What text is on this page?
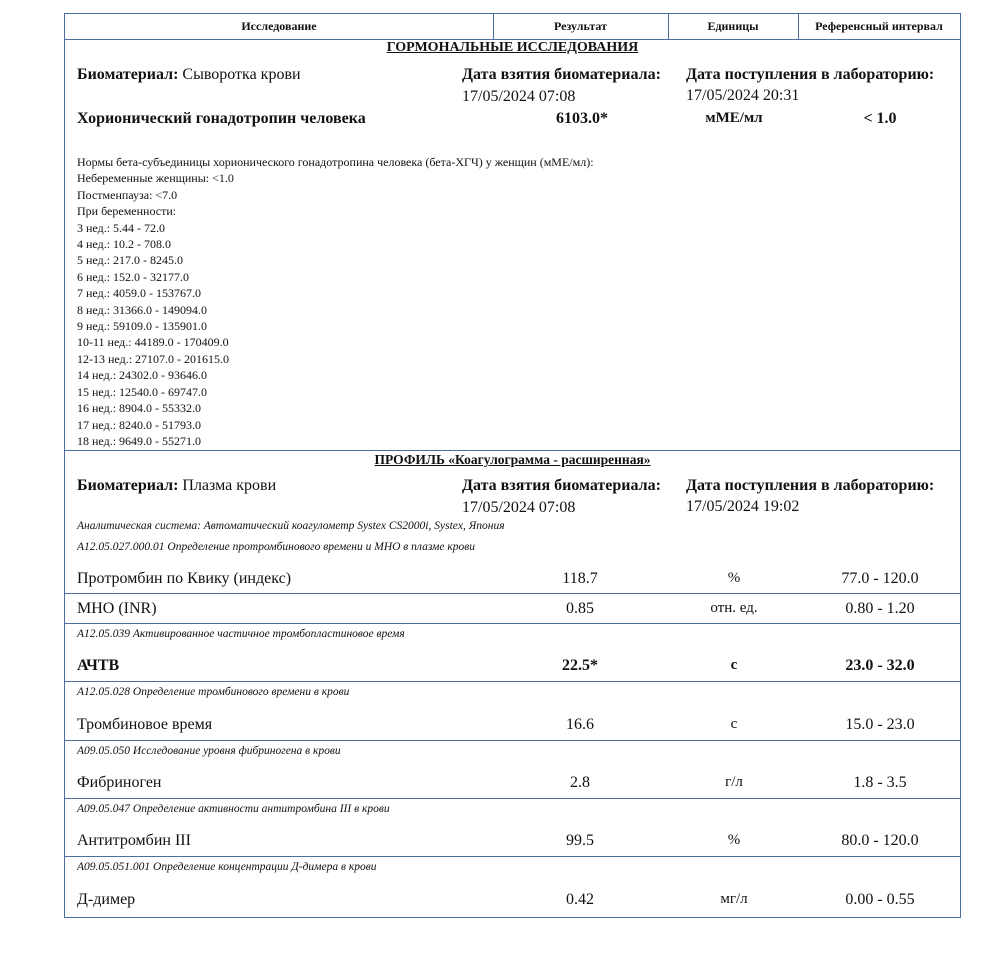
Исследование	Результат	Единицы	Референсный интервал
ГОРМОНАЛЬНЫЕ ИССЛЕДОВАНИЯ
Биоматериал: Сыворотка крови	Дата взятия биоматериала:
17/05/2024 07:08
Дата поступления в лабораторию:
17/05/2024 20:31
Хорионический гонадотропин человека	6103.0*	мМЕ/мл	< 1.0
Нормы бета-субъединицы хорионического гонадотропина человека (бета-ХГЧ) у женщин (мМЕ/мл):
Небеременные женщины: <1.0
Постменпауза: <7.0
При беременности:
3 нед.: 5.44 - 72.0
4 нед.: 10.2 - 708.0
5 нед.: 217.0 - 8245.0
6 нед.: 152.0 - 32177.0
7 нед.: 4059.0 - 153767.0
8 нед.: 31366.0 - 149094.0
9 нед.: 59109.0 - 135901.0
10-11 нед.: 44189.0 - 170409.0
12-13 нед.: 27107.0 - 201615.0
14 нед.: 24302.0 - 93646.0
15 нед.: 12540.0 - 69747.0
16 нед.: 8904.0 - 55332.0
17 нед.: 8240.0 - 51793.0
18 нед.: 9649.0 - 55271.0
ПРОФИЛЬ «Коагулограмма - расширенная»
Биоматериал: Плазма крови	Дата взятия биоматериала:
17/05/2024 07:08
Дата поступления в лабораторию:
17/05/2024 19:02
Аналитическая система: Автоматический коагулометр Systex CS2000i, Systex, Япония
A12.05.027.000.01 Определение протромбинового времени и МНО в плазме крови
Протромбин по Квику (индекс)	118.7	%	77.0 - 120.0
МНО (INR)	0.85	отн. ед.	0.80 - 1.20
A12.05.039 Активированное частичное тромбопластиновое время
АЧТВ	22.5*	с	23.0 - 32.0
A12.05.028 Определение тромбинового времени в крови
Тромбиновое время	16.6	с	15.0 - 23.0
A09.05.050 Исследование уровня фибриногена в крови
Фибриноген	2.8	г/л	1.8 - 3.5
A09.05.047 Определение активности антитромбина III в крови
Антитромбин III	99.5	%	80.0 - 120.0
A09.05.051.001 Определение концентрации Д-димера в крови
Д-димер	0.42	мг/л	0.00 - 0.55
